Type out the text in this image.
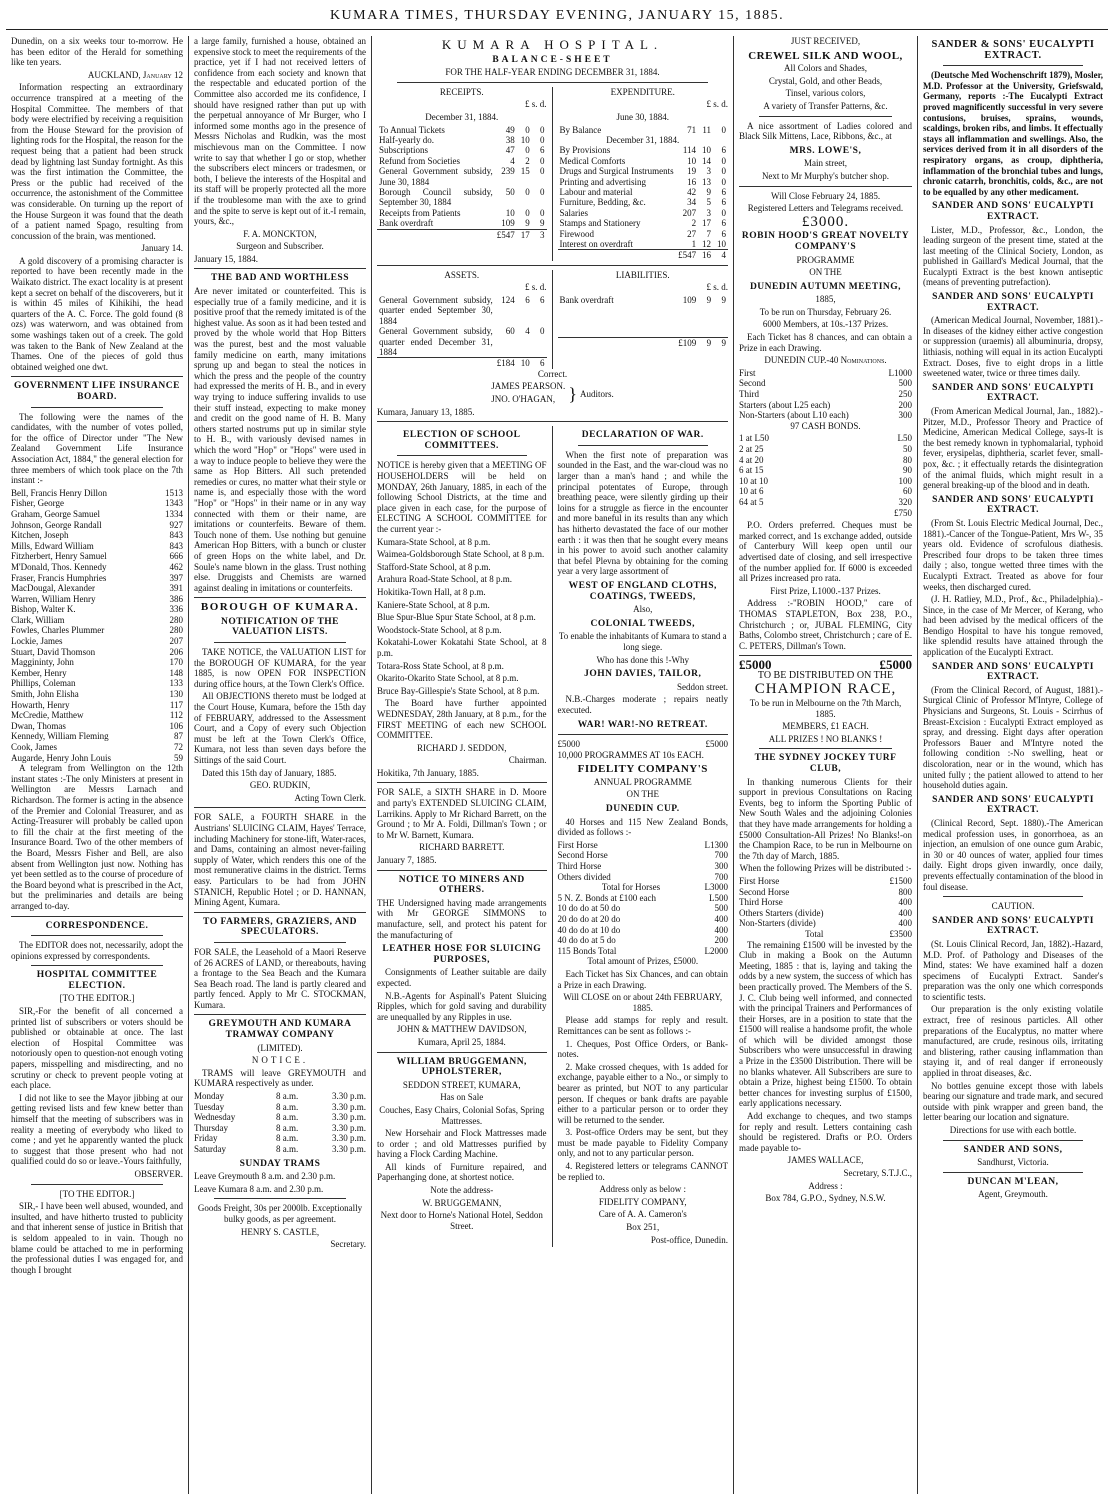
KUMARA TIMES, THURSDAY EVENING, JANUARY 15, 1885.

Dunedin, on a six weeks tour to-morrow. He has been editor of the Herald for something like ten years.

AUCKLAND, January 12

Information respecting an extraordinary occurrence transpired at a meeting of the Hospital Committee. The members of that body were electrified by receiving a requisition from the House Steward for the provision of lighting rods for the Hospital, the reason for the request being that a patient had been struck dead by lightning last Sunday fortnight. As this was the first intimation the Committee, the Press or the public had received of the occurrence, the astonishment of the Committee was considerable. On turning up the report of the House Surgeon it was found that the death of a patient named Spago, resulting from concussion of the brain, was mentioned.

January 14.

A gold discovery of a promising character is reported to have been recently made in the Waikato district. The exact locality is at present kept a secret on behalf of the discoverers, but it is within 45 miles of Kihikihi, the head quarters of the A. C. Force. The gold found (8 ozs) was waterworn, and was obtained from some washings taken out of a creek. The gold was taken to the Bank of New Zealand at the Thames. One of the pieces of gold thus obtained weighed one dwt.

GOVERNMENT LIFE INSURANCE BOARD.

The following were the names of the candidates, with the number of votes polled, for the office of Director under "The New Zealand Government Life Insurance Association Act, 1884," the general election for three members of which took place on the 7th instant :-

Bell, Francis Henry Dillon	1513
Fisher, George	1343
Graham, George Samuel	1334
Johnson, George Randall	927
Kitchen, Joseph	843
Mills, Edward William	843
Fitzherbert, Henry Samuel	666
M'Donald, Thos. Kennedy	462
Fraser, Francis Humphries	397
MacDougal, Alexander	391
Warren, William Henry	386
Bishop, Walter K.	336
Clark, William	280
Fowles, Charles Plummer	280
Lockie, James	207
Stuart, David Thomson	206
Maggininty, John	170
Kember, Henry	148
Phillips, Coleman	133
Smith, John Elisha	130
Howarth, Henry	117
McCredie, Matthew	112
Dwan, Thomas	106
Kennedy, William Fleming	87
Cook, James	72
Augarde, Henry John Louis	59

A telegram from Wellington on the 12th instant states :-The only Ministers at present in Wellington are Messrs Larnach and Richardson. The former is acting in the absence of the Premier and Colonial Treasurer, and as Acting-Treasurer will probably be called upon to fill the chair at the first meeting of the Insurance Board. Two of the other members of the Board, Messrs Fisher and Bell, are also absent from Wellington just now. Nothing has yet been settled as to the course of procedure of the Board beyond what is prescribed in the Act, but the preliminaries and details are being arranged to-day.

CORRESPONDENCE.

The EDITOR does not, necessarily, adopt the opinions expressed by correspondents.

HOSPITAL COMMITTEE ELECTION.

[TO THE EDITOR.]

SIR,-For the benefit of all concerned a printed list of subscribers or voters should be published or obtainable at once. The last election of Hospital Committee was notoriously open to question-not enough voting papers, misspelling and misdirecting, and no scrutiny or check to prevent people voting at each place.

I did not like to see the Mayor jibbing at our getting revised lists and few knew better than himself that the meeting of subscribers was in reality a meeting of everybody who liked to come ; and yet he apparently wanted the pluck to suggest that those present who had not qualified could do so or leave.-Yours faithfully,

OBSERVER.

[TO THE EDITOR.]

SIR,- I have been well abused, wounded, and insulted, and have hitherto trusted to publicity and that inherent sense of justice in British that is seldom appealed to in vain. Though no blame could be attached to me in performing the professional duties I was engaged for, and though I brought

a large family, furnished a house, obtained an expensive stock to meet the requirements of the practice, yet if I had not received letters of confidence from each society and known that the respectable and educated portion of the Committee also accorded me its confidence, I should have resigned rather than put up with the perpetual annoyance of Mr Burger, who I informed some months ago in the presence of Messrs Nicholas and Rudkin, was the most mischievous man on the Committee. I now write to say that whether I go or stop, whether the subscribers elect mincers or tradesmen, or both, I believe the interests of the Hospital and its staff will be properly protected all the more if the troublesome man with the axe to grind and the spite to serve is kept out of it.-I remain, yours, &c.,

F. A. MONCKTON,

Surgeon and Subscriber.

January 15, 1884.

THE BAD AND WORTHLESS

Are never imitated or counterfeited. This is especially true of a family medicine, and it is positive proof that the remedy imitated is of the highest value. As soon as it had been tested and proved by the whole world that Hop Bitters was the purest, best and the most valuable family medicine on earth, many imitations sprung up and began to steal the notices in which the press and the people of the country had expressed the merits of H. B., and in every way trying to induce suffering invalids to use their stuff instead, expecting to make money and credit on the good name of H. B. Many others started nostrums put up in similar style to H. B., with variously devised names in which the word "Hop" or "Hops" were used in a way to induce people to believe they were the same as Hop Bitters. All such pretended remedies or cures, no matter what their style or name is, and especially those with the word "Hop" or "Hops" in their name or in any way connected with them or their name, are imitations or counterfeits. Beware of them. Touch none of them. Use nothing but genuine American Hop Bitters, with a bunch or cluster of green Hops on the white label, and Dr. Soule's name blown in the glass. Trust nothing else. Druggists and Chemists are warned against dealing in imitations or counterfeits.

BOROUGH OF KUMARA.

NOTIFICATION OF THE VALUATION LISTS.

TAKE NOTICE, the VALUATION LIST for the BOROUGH OF KUMARA, for the year 1885, is now OPEN FOR INSPECTION during office hours, at the Town Clerk's Office.

All OBJECTIONS thereto must be lodged at the Court House, Kumara, before the 15th day of FEBRUARY, addressed to the Assessment Court, and a Copy of every such Objection must be left at the Town Clerk's Office, Kumara, not less than seven days before the Sittings of the said Court.

Dated this 15th day of January, 1885.

GEO. RUDKIN,

Acting Town Clerk.

FOR SALE, a FOURTH SHARE in the Austrians' SLUICING CLAIM, Hayes' Terrace, including Machinery for stone-lift, Water-races, and Dams, containing an almost never-failing supply of Water, which renders this one of the most remunerative claims in the district. Terms easy. Particulars to be had from JOHN STANICH, Republic Hotel ; or D. HANNAN, Mining Agent, Kumara.

TO FARMERS, GRAZIERS, AND SPECULATORS.

FOR SALE, the Leasehold of a Maori Reserve of 26 ACRES of LAND, or thereabouts, having a frontage to the Sea Beach and the Kumara Sea Beach road. The land is partly cleared and partly fenced. Apply to Mr C. STOCKMAN, Kumara.

GREYMOUTH AND KUMARA TRAMWAY COMPANY

(LIMITED).

NOTICE.

TRAMS will leave GREYMOUTH and KUMARA respectively as under.

Monday	8 a.m.	3.30 p.m.
Tuesday	8 a.m.	3.30 p.m.
Wednesday	8 a.m.	3.30 p.m.
Thursday	8 a.m.	3.30 p.m.
Friday	8 a.m.	3.30 p.m.
Saturday	8 a.m.	3.30 p.m.

SUNDAY TRAMS

Leave Greymouth 8 a.m. and 2.30 p.m.

Leave Kumara 8 a.m. and 2.30 p.m.

Goods Freight, 30s per 2000lb. Exceptionally bulky goods, as per agreement.

HENRY S. CASTLE,

Secretary.

KUMARA HOSPITAL.

BALANCE-SHEET

FOR THE HALF-YEAR ENDING DECEMBER 31, 1884.

RECEIPTS.

£ s. d.

December 31, 1884.

To Annual Tickets	49	0	0
Half-yearly do.	38	10	0
Subscriptions	47	0	6
Refund from Societies	4	2	0
General Government subsidy, June 30, 1884	239	15	0
Borough Council subsidy, September 30, 1884	50	0	0
Receipts from Patients	10	0	0
Bank overdraft	109	9	9
	£547	17	3

EXPENDITURE.

£ s. d.

June 30, 1884.

By Balance	71	11	0
December 31, 1884.			
By Provisions	114	10	6
Medical Comforts	10	14	0
Drugs and Surgical Instruments	19	3	0
Printing and advertising	16	13	0
Labour and material	42	9	6
Furniture, Bedding, &c.	34	5	6
Salaries	207	3	0
Stamps and Stationery	2	17	6
Firewood	27	7	6
Interest on overdraft	1	12	10
	£547	16	4

ASSETS.

£ s. d.

General Government subsidy, quarter ended September 30, 1884	124	6	6
General Government subsidy, quarter ended December 31, 1884	60	4	0
	£184	10	6

LIABILITIES.

£ s. d.

Bank overdraft	109	9	9

	£109	9	9

Correct.

JAMES PEARSON.

JNO. O'HAGAN, } Auditors.

Kumara, January 13, 1885.

ELECTION OF SCHOOL COMMITTEES.

NOTICE is hereby given that a MEETING OF HOUSEHOLDERS will be held on MONDAY, 26th January, 1885, in each of the following School Districts, at the time and place given in each case, for the purpose of ELECTING A SCHOOL COMMITTEE for the current year :-

Kumara-State School, at 8 p.m.

Waimea-Goldsborough State School, at 8 p.m.

Stafford-State School, at 8 p.m.

Arahura Road-State School, at 8 p.m.

Hokitika-Town Hall, at 8 p.m.

Kaniere-State School, at 8 p.m.

Blue Spur-Blue Spur State School, at 8 p.m.

Woodstock-State School, at 8 p.m.

Kokatahi-Lower Kokatahi State School, at 8 p.m.

Totara-Ross State School, at 8 p.m.

Okarito-Okarito State School, at 8 p.m.

Bruce Bay-Gillespie's State School, at 8 p.m.

The Board have further appointed WEDNESDAY, 28th January, at 8 p.m., for the FIRST MEETING of each new SCHOOL COMMITTEE.

RICHARD J. SEDDON,

Chairman.

Hokitika, 7th January, 1885.

FOR SALE, a SIXTH SHARE in D. Moore and party's EXTENDED SLUICING CLAIM, Larrikins. Apply to Mr Richard Barrett, on the Ground ; to Mr A. Foldi, Dillman's Town ; or to Mr W. Barnett, Kumara.

RICHARD BARRETT.

January 7, 1885.

NOTICE TO MINERS AND OTHERS.

THE Undersigned having made arrangements with Mr GEORGE SIMMONS to manufacture, sell, and protect his patent for the manufacturing of

LEATHER HOSE FOR SLUICING PURPOSES,

Consignments of Leather suitable are daily expected.

N.B.-Agents for Aspinall's Patent Sluicing Ripples, which for gold saving and durability are unequalled by any Ripples in use.

JOHN & MATTHEW DAVIDSON,

Kumara, April 25, 1884.

WILLIAM BRUGGEMANN, UPHOLSTERER,

SEDDON STREET, KUMARA,

Has on Sale

Couches, Easy Chairs, Colonial Sofas, Spring Mattresses.

New Horsehair and Flock Mattresses made to order ; and old Mattresses purified by having a Flock Carding Machine.

All kinds of Furniture repaired, and Paperhanging done, at shortest notice.

Note the address-

W. BRUGGEMANN,

Next door to Horne's National Hotel, Seddon Street.

DECLARATION OF WAR.

When the first note of preparation was sounded in the East, and the war-cloud was no larger than a man's hand ; and while the principal potentates of Europe, through breathing peace, were silently girding up their loins for a struggle as fierce in the encounter and more baneful in its results than any which has hitherto devastated the face of our mother earth : it was then that he sought every means in his power to avoid such another calamity that befel Plevna by obtaining for the coming year a very large assortment of

WEST OF ENGLAND CLOTHS, COATINGS, TWEEDS,

Also,

COLONIAL TWEEDS,

To enable the inhabitants of Kumara to stand a long siege.

Who has done this !-Why

JOHN DAVIES, TAILOR,

Seddon street.

N.B.-Charges moderate ; repairs neatly executed.

WAR! WAR!-NO RETREAT.

£5000	£5000

10,000 PROGRAMMES AT 10s EACH.

FIDELITY COMPANY'S

ANNUAL PROGRAMME

ON THE

DUNEDIN CUP.

40 Horses and 115 New Zealand Bonds, divided as follows :-

First Horse	L1300
Second Horse	700
Third Horse	300
Others divided	700
Total for Horses	L3000
5 N. Z. Bonds at £100 each	L500
10 do do at 50 do	500
20 do do at 20 do	400
40 do do at 10 do	400
40 do do at 5 do	200
115 Bonds Total	L2000

Total amount of Prizes, £5000.

Each Ticket has Six Chances, and can obtain a Prize in each Drawing.

Will CLOSE on or about 24th FEBRUARY, 1885.

Please add stamps for reply and result. Remittances can be sent as follows :-

1. Cheques, Post Office Orders, or Bank-notes.

2. Make crossed cheques, with 1s added for exchange, payable either to a No., or simply to bearer as printed, but NOT to any particular person. If cheques or bank drafts are payable either to a particular person or to order they will be returned to the sender.

3. Post-office Orders may be sent, but they must be made payable to Fidelity Company only, and not to any particular person.

4. Registered letters or telegrams CANNOT be replied to.

Address only as below :

FIDELITY COMPANY,

Care of A. A. Cameron's

Box 251,

Post-office, Dunedin.

JUST RECEIVED,

CREWEL SILK AND WOOL,

All Colors and Shades,

Crystal, Gold, and other Beads,

Tinsel, various colors,

A variety of Transfer Patterns, &c.

A nice assortment of Ladies colored and Black Silk Mittens, Lace, Ribbons, &c., at

MRS. LOWE'S,

Main street,

Next to Mr Murphy's butcher shop.

Will Close February 24, 1885.

Registered Letters and Telegrams received.

£3000.

ROBIN HOOD'S GREAT NOVELTY COMPANY'S

PROGRAMME

ON THE

DUNEDIN AUTUMN MEETING,

1885,

To be run on Thursday, February 26.

6000 Members, at 10s.-137 Prizes.

Each Ticket has 8 chances, and can obtain a Prize in each Drawing.

DUNEDIN CUP.-40 Nominations.

First	L1000
Second	500
Third	250
Starters (about L25 each)	200
Non-Starters (about L10 each)	300

97 CASH BONDS.

1 at L50	L50
2 at 25	50
4 at 20	80
6 at 15	90
10 at 10	100
10 at 6	60
64 at 5	320

£750

P.O. Orders preferred. Cheques must be marked correct, and 1s exchange added, outside of Canterbury Will keep open until our advertised date of closing, and sell irrespective of the number applied for. If 6000 is exceeded all Prizes increased pro rata.

First Prize, L1000.-137 Prizes.

Address :-"ROBIN HOOD," care of THOMAS STAPLETON, Box 238, P.O., Christchurch ; or, JUBAL FLEMING, City Baths, Colombo street, Christchurch ; care of E. C. PETERS, Dillman's Town.

£5000	£5000

TO BE DISTRIBUTED ON THE

CHAMPION RACE,

To be run in Melbourne on the 7th March, 1885.

MEMBERS, £1 EACH.

ALL PRIZES ! NO BLANKS !

THE SYDNEY JOCKEY TURF CLUB,

In thanking numerous Clients for their support in previous Consultations on Racing Events, beg to inform the Sporting Public of New South Wales and the adjoining Colonies that they have made arrangements for holding a £5000 Consultation-All Prizes! No Blanks!-on the Champion Race, to be run in Melbourne on the 7th day of March, 1885.

When the following Prizes will be distributed :-

First Horse	£1500
Second Horse	800
Third Horse	400
Others Starters (divide)	400
Non-Starters (divide)	400
Total	£3500

The remaining £1500 will be invested by the Club in making a Book on the Autumn Meeting, 1885 : that is, laying and taking the odds by a new system, the success of which has been practically proved. The Members of the S. J. C. Club being well informed, and connected with the principal Trainers and Performances of their Horses, are in a position to state that the £1500 will realise a handsome profit, the whole of which will be divided amongst those Subscribers who were unsuccessful in drawing a Prize in the £3500 Distribution. There will be no blanks whatever. All Subscribers are sure to obtain a Prize, highest being £1500. To obtain better chances for investing surplus of £1500, early applications necessary.

Add exchange to cheques, and two stamps for reply and result. Letters containing cash should be registered. Drafts or P.O. Orders made payable to-

JAMES WALLACE,

Secretary, S.T.J.C.,

Address :

Box 784, G.P.O., Sydney, N.S.W.

SANDER & SONS' EUCALYPTI EXTRACT.

(Deutsche Med Wochenschrift 1879), Mosler, M.D. Professor at the University, Griefswald, Germany, reports :-The Eucalypti Extract proved magnificently successful in very severe contusions, bruises, sprains, wounds, scaldings, broken ribs, and limbs. It effectually stays all inflammation and swellings. Also, the services derived from it in all disorders of the respiratory organs, as croup, diphtheria, inflammation of the bronchial tubes and lungs, chronic catarrh, bronchitis, colds, &c., are not to be equalled by any other medicament.

SANDER AND SONS' EUCALYPTI EXTRACT.

Lister, M.D., Professor, &c., London, the leading surgeon of the present time, stated at the last meeting of the Clinical Society, London, as published in Gaillard's Medical Journal, that the Eucalypti Extract is the best known antiseptic (means of preventing putrefaction).

SANDER AND SONS' EUCALYPTI EXTRACT.

(American Medical Journal, November, 1881).-In diseases of the kidney either active congestion or suppression (uraemis) all albuminuria, dropsy, lithiasis, nothing will equal in its action Eucalypti Extract. Doses, five to eight drops in a little sweetened water, twice or three times daily.

SANDER AND SONS' EUCALYPTI EXTRACT.

(From American Medical Journal, Jan., 1882).-Pitzer, M.D., Professor Theory and Practice of Medicine, American Medical College, says-It is the best remedy known in typhomalarial, typhoid fever, erysipelas, diphtheria, scarlet fever, small-pox, &c. ; it effectually retards the disintegration of the animal fluids, which might result in a general breaking-up of the blood and in death.

SANDER AND SONS' EUCALYPTI EXTRACT.

(From St. Louis Electric Medical Journal, Dec., 1881).-Cancer of the Tongue-Patient, Mrs W-, 35 years old. Evidence of scrofulous diathesis. Prescribed four drops to be taken three times daily ; also, tongue wetted three times with the Eucalypti Extract. Treated as above for four weeks, then discharged cured.

(J. H. Ratliey, M.D., Prof., &c., Philadelphia).-Since, in the case of Mr Mercer, of Kerang, who had been advised by the medical officers of the Bendigo Hospital to have his tongue removed, like splendid results have attained through the application of the Eucalypti Extract.

SANDER AND SONS' EUCALYPTI EXTRACT.

(From the Clinical Record, of August, 1881).-Surgical Clinic of Professor M'Intyre, College of Physicians and Surgeons, St. Louis - Scirrhus of Breast-Excision : Eucalypti Extract employed as spray, and dressing. Eight days after operation Professors Bauer and M'Intyre noted the following condition :-No swelling, heat or discoloration, near or in the wound, which has united fully ; the patient allowed to attend to her household duties again.

SANDER AND SONS' EUCALYPTI EXTRACT.

(Clinical Record, Sept. 1880).-The American medical profession uses, in gonorrhoea, as an injection, an emulsion of one ounce gum Arabic, in 30 or 40 ounces of water, applied four times daily. Eight drops given inwardly, once daily, prevents effectually contamination of the blood in foul disease.

CAUTION.

SANDER AND SONS' EUCALYPTI EXTRACT.

(St. Louis Clinical Record, Jan, 1882).-Hazard, M.D. Prof. of Pathology and Diseases of the Mind, states: We have examined half a dozen specimens of Eucalypti Extract. Sander's preparation was the only one which corresponds to scientific tests.

Our preparation is the only existing volatile extract, free of resinous particles. All other preparations of the Eucalyptus, no matter where manufactured, are crude, resinous oils, irritating and blistering, rather causing inflammation than staying it, and of real danger if erroneously applied in throat diseases, &c.

No bottles genuine except those with labels bearing our signature and trade mark, and secured outside with pink wrapper and green band, the letter bearing our location and signature.

Directions for use with each bottle.

SANDER AND SONS,

Sandhurst, Victoria.

DUNCAN M'LEAN,

Agent, Greymouth.
